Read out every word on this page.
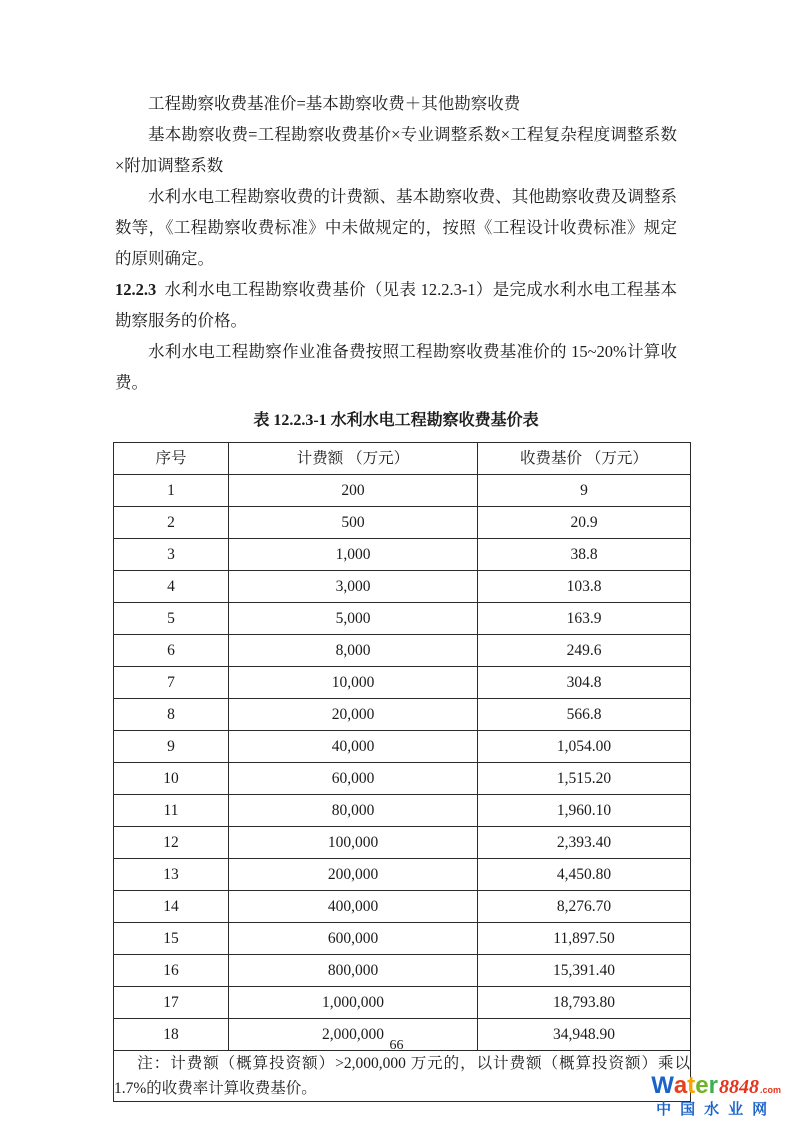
工程勘察收费基准价=基本勘察收费＋其他勘察收费

基本勘察收费=工程勘察收费基价×专业调整系数×工程复杂程度调整系数×附加调整系数

水利水电工程勘察收费的计费额、基本勘察收费、其他勘察收费及调整系数等，《工程勘察收费标准》中未做规定的，按照《工程设计收费标准》规定的原则确定。

12.2.3 水利水电工程勘察收费基价（见表 12.2.3-1）是完成水利水电工程基本勘察服务的价格。

水利水电工程勘察作业准备费按照工程勘察收费基准价的 15~20%计算收费。

表 12.2.3-1 水利水电工程勘察收费基价表
序号	计费额 （万元）	收费基价 （万元）
1	200	9
2	500	20.9
3	1,000	38.8
4	3,000	103.8
5	5,000	163.9
6	8,000	249.6
7	10,000	304.8
8	20,000	566.8
9	40,000	1,054.00
10	60,000	1,515.20
11	80,000	1,960.10
12	100,000	2,393.40
13	200,000	4,450.80
14	400,000	8,276.70
15	600,000	11,897.50
16	800,000	15,391.40
17	1,000,000	18,793.80
18	2,000,000	34,948.90

注：计费额（概算投资额）>2,000,000 万元的，以计费额（概算投资额）乘以 1.7%的收费率计算收费基价。		

66
W a t e r 8848 .com
中国水业网
